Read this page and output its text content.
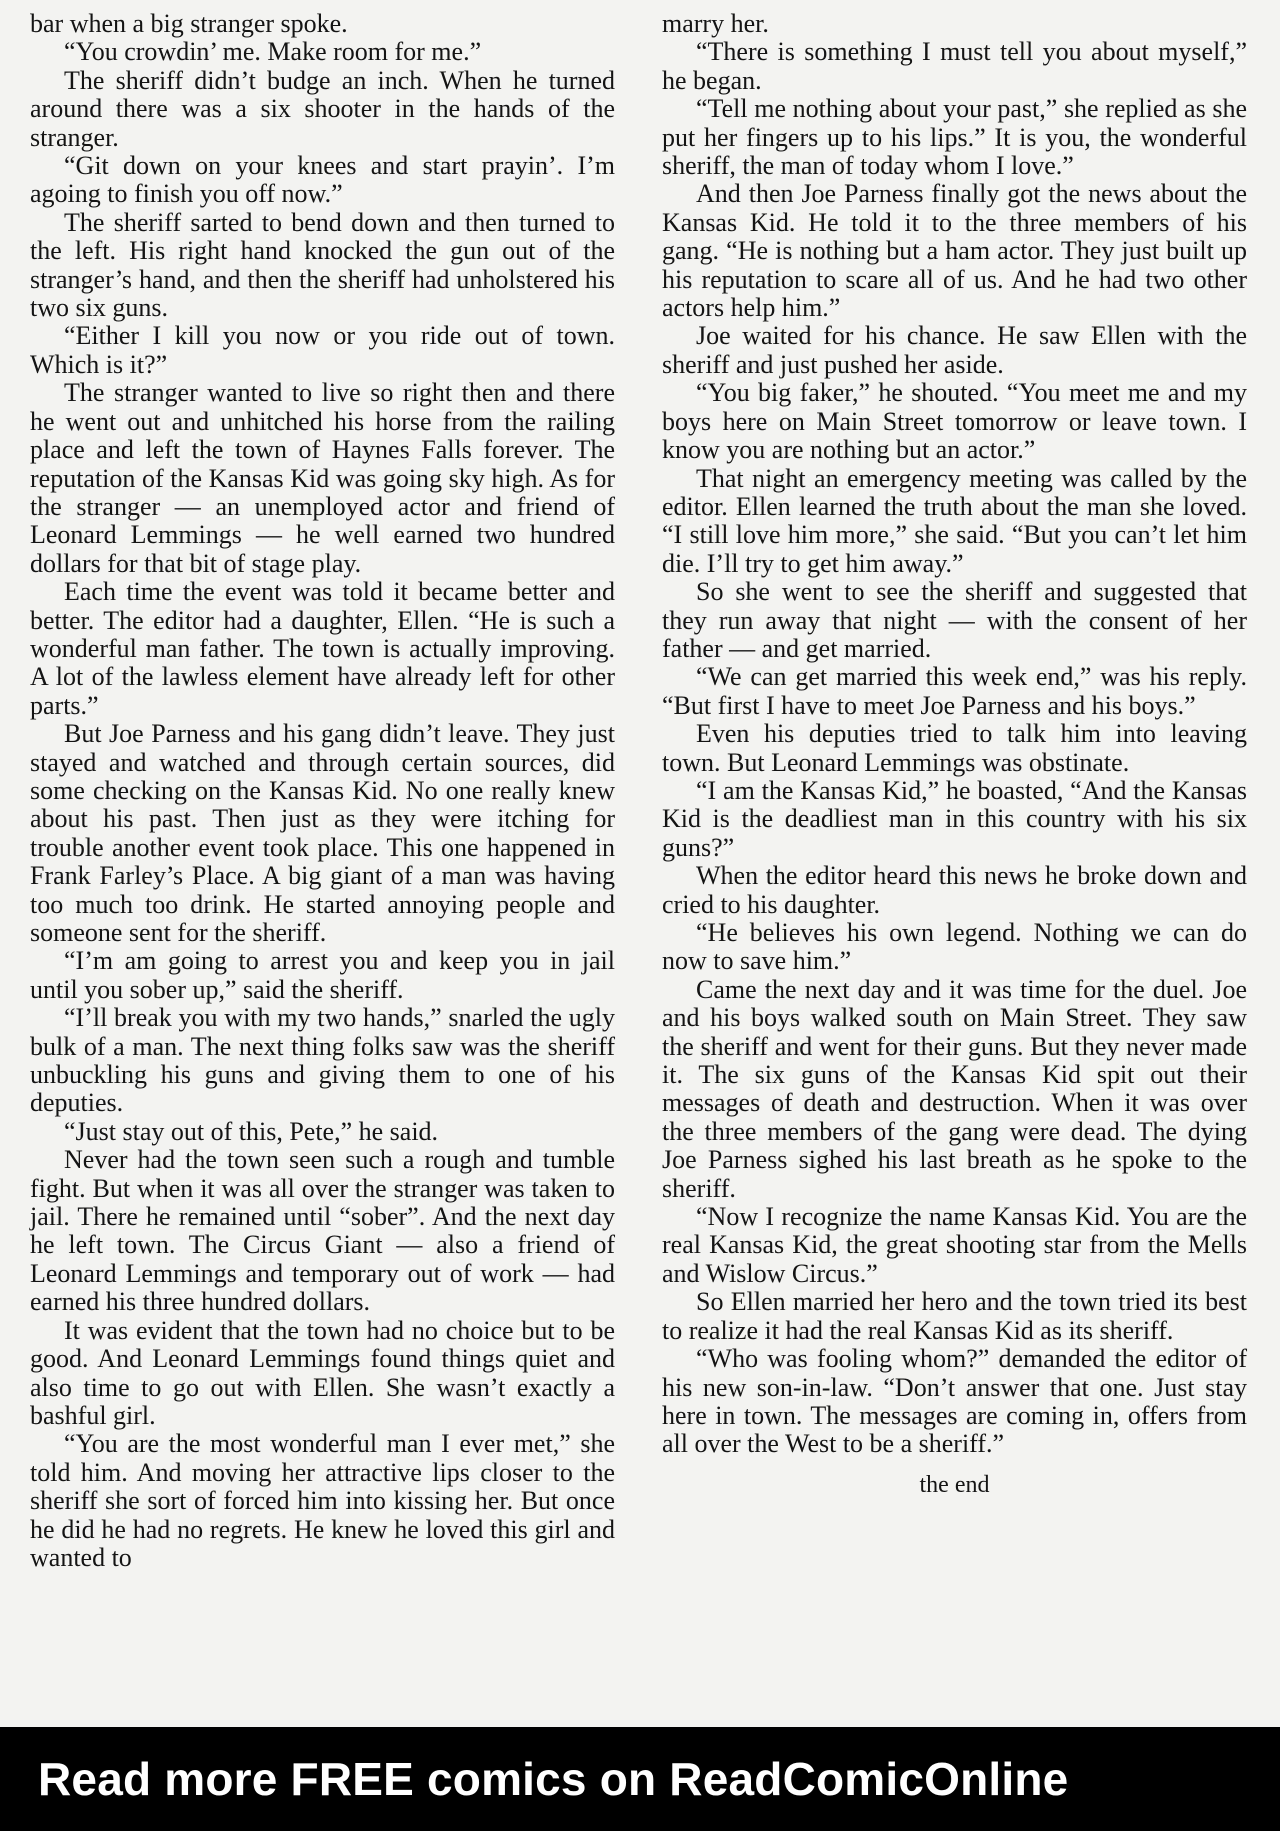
bar when a big stranger spoke.

“You crowdin’ me. Make room for me.”

The sheriff didn’t budge an inch. When he turned around there was a six shooter in the hands of the stranger.

“Git down on your knees and start prayin’. I’m agoing to finish you off now.”

The sheriff sarted to bend down and then turned to the left. His right hand knocked the gun out of the stranger’s hand, and then the sheriff had unholstered his two six guns.

“Either I kill you now or you ride out of town. Which is it?”

The stranger wanted to live so right then and there he went out and unhitched his horse from the railing place and left the town of Haynes Falls forever. The reputation of the Kansas Kid was going sky high. As for the stranger — an unemployed actor and friend of Leonard Lemmings — he well earned two hundred dollars for that bit of stage play.

Each time the event was told it became better and better. The editor had a daughter, Ellen. “He is such a wonderful man father. The town is actually improving. A lot of the lawless element have already left for other parts.”

But Joe Parness and his gang didn’t leave. They just stayed and watched and through certain sources, did some checking on the Kansas Kid. No one really knew about his past. Then just as they were itching for trouble another event took place. This one happened in Frank Farley’s Place. A big giant of a man was having too much too drink. He started annoying people and someone sent for the sheriff.

“I’m am going to arrest you and keep you in jail until you sober up,” said the sheriff.

“I’ll break you with my two hands,” snarled the ugly bulk of a man. The next thing folks saw was the sheriff unbuckling his guns and giving them to one of his deputies.

“Just stay out of this, Pete,” he said.

Never had the town seen such a rough and tumble fight. But when it was all over the stranger was taken to jail. There he remained until “sober”. And the next day he left town. The Circus Giant — also a friend of Leonard Lemmings and temporary out of work — had earned his three hundred dollars.

It was evident that the town had no choice but to be good. And Leonard Lemmings found things quiet and also time to go out with Ellen. She wasn’t exactly a bashful girl.

“You are the most wonderful man I ever met,” she told him. And moving her attractive lips closer to the sheriff she sort of forced him into kissing her. But once he did he had no regrets. He knew he loved this girl and wanted to

marry her.

“There is something I must tell you about myself,” he began.

“Tell me nothing about your past,” she replied as she put her fingers up to his lips.” It is you, the wonderful sheriff, the man of today whom I love.”

And then Joe Parness finally got the news about the Kansas Kid. He told it to the three members of his gang. “He is nothing but a ham actor. They just built up his reputation to scare all of us. And he had two other actors help him.”

Joe waited for his chance. He saw Ellen with the sheriff and just pushed her aside.

“You big faker,” he shouted. “You meet me and my boys here on Main Street tomorrow or leave town. I know you are nothing but an actor.”

That night an emergency meeting was called by the editor. Ellen learned the truth about the man she loved. “I still love him more,” she said. “But you can’t let him die. I’ll try to get him away.”

So she went to see the sheriff and suggested that they run away that night — with the consent of her father — and get married.

“We can get married this week end,” was his reply. “But first I have to meet Joe Parness and his boys.”

Even his deputies tried to talk him into leaving town. But Leonard Lemmings was obstinate.

“I am the Kansas Kid,” he boasted, “And the Kansas Kid is the deadliest man in this country with his six guns?”

When the editor heard this news he broke down and cried to his daughter.

“He believes his own legend. Nothing we can do now to save him.”

Came the next day and it was time for the duel. Joe and his boys walked south on Main Street. They saw the sheriff and went for their guns. But they never made it. The six guns of the Kansas Kid spit out their messages of death and destruction. When it was over the three members of the gang were dead. The dying Joe Parness sighed his last breath as he spoke to the sheriff.

“Now I recognize the name Kansas Kid. You are the real Kansas Kid, the great shooting star from the Mells and Wislow Circus.”

So Ellen married her hero and the town tried its best to realize it had the real Kansas Kid as its sheriff.

“Who was fooling whom?” demanded the editor of his new son-in-law. “Don’t answer that one. Just stay here in town. The messages are coming in, offers from all over the West to be a sheriff.”

the end
Read more FREE comics on ReadComicOnline
